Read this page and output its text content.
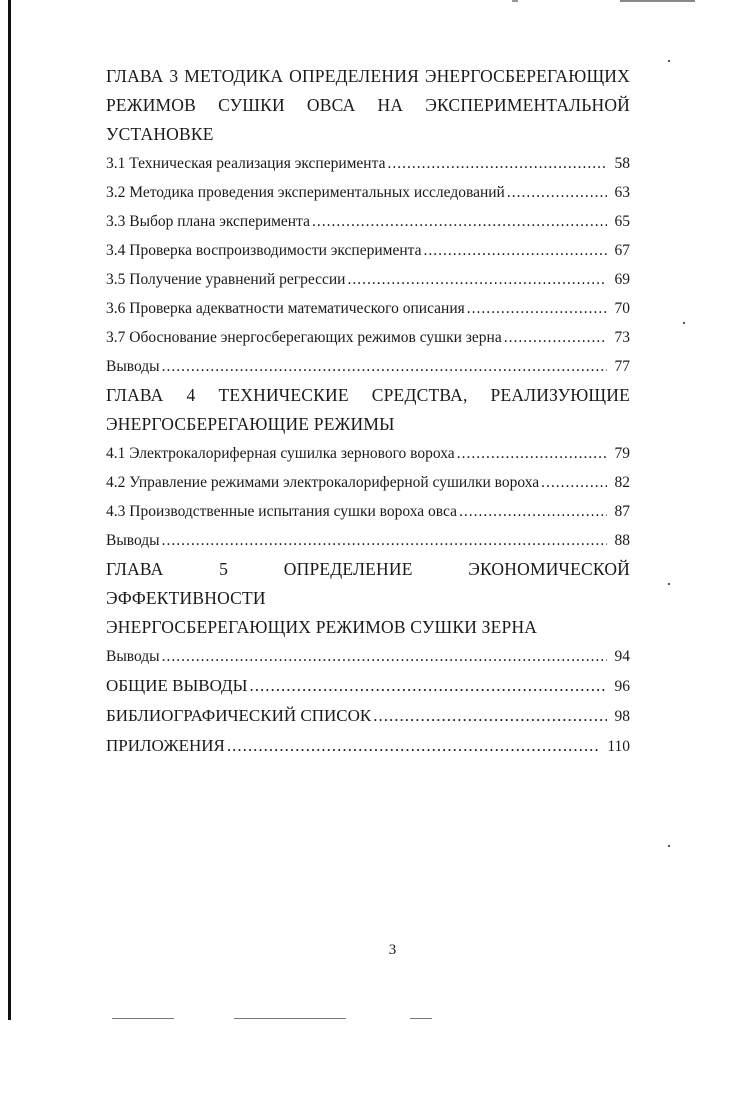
ГЛАВА 3 МЕТОДИКА ОПРЕДЕЛЕНИЯ ЭНЕРГОСБЕРЕГАЮЩИХ

РЕЖИМОВ СУШКИ ОВСА НА ЭКСПЕРИМЕНТАЛЬНОЙ

УСТАНОВКЕ

3.1 Техническая реализация эксперимента .....	58
3.2 Методика проведения экспериментальных исследований .....	63
3.3 Выбор плана эксперимента .....	65
3.4 Проверка воспроизводимости эксперимента .....	67
3.5 Получение уравнений регрессии .....	69
3.6 Проверка адекватности математического описания .....	70
3.7 Обоснование энергосберегающих режимов сушки зерна .....	73
Выводы .....	77

ГЛАВА 4 ТЕХНИЧЕСКИЕ СРЕДСТВА, РЕАЛИЗУЮЩИЕ

ЭНЕРГОСБЕРЕГАЮЩИЕ РЕЖИМЫ

4.1 Электрокалориферная сушилка зернового вороха .....	79
4.2 Управление режимами электрокалориферной сушилки вороха .....	82
4.3 Производственные испытания сушки вороха овса .....	87
Выводы .....	88

ГЛАВА 5 ОПРЕДЕЛЕНИЕ ЭКОНОМИЧЕСКОЙ ЭФФЕКТИВНОСТИ

ЭНЕРГОСБЕРЕГАЮЩИХ РЕЖИМОВ СУШКИ ЗЕРНА

Выводы .....	94
ОБЩИЕ ВЫВОДЫ .....	96
БИБЛИОГРАФИЧЕСКИЙ СПИСОК .....	98
ПРИЛОЖЕНИЯ .....	110
3
